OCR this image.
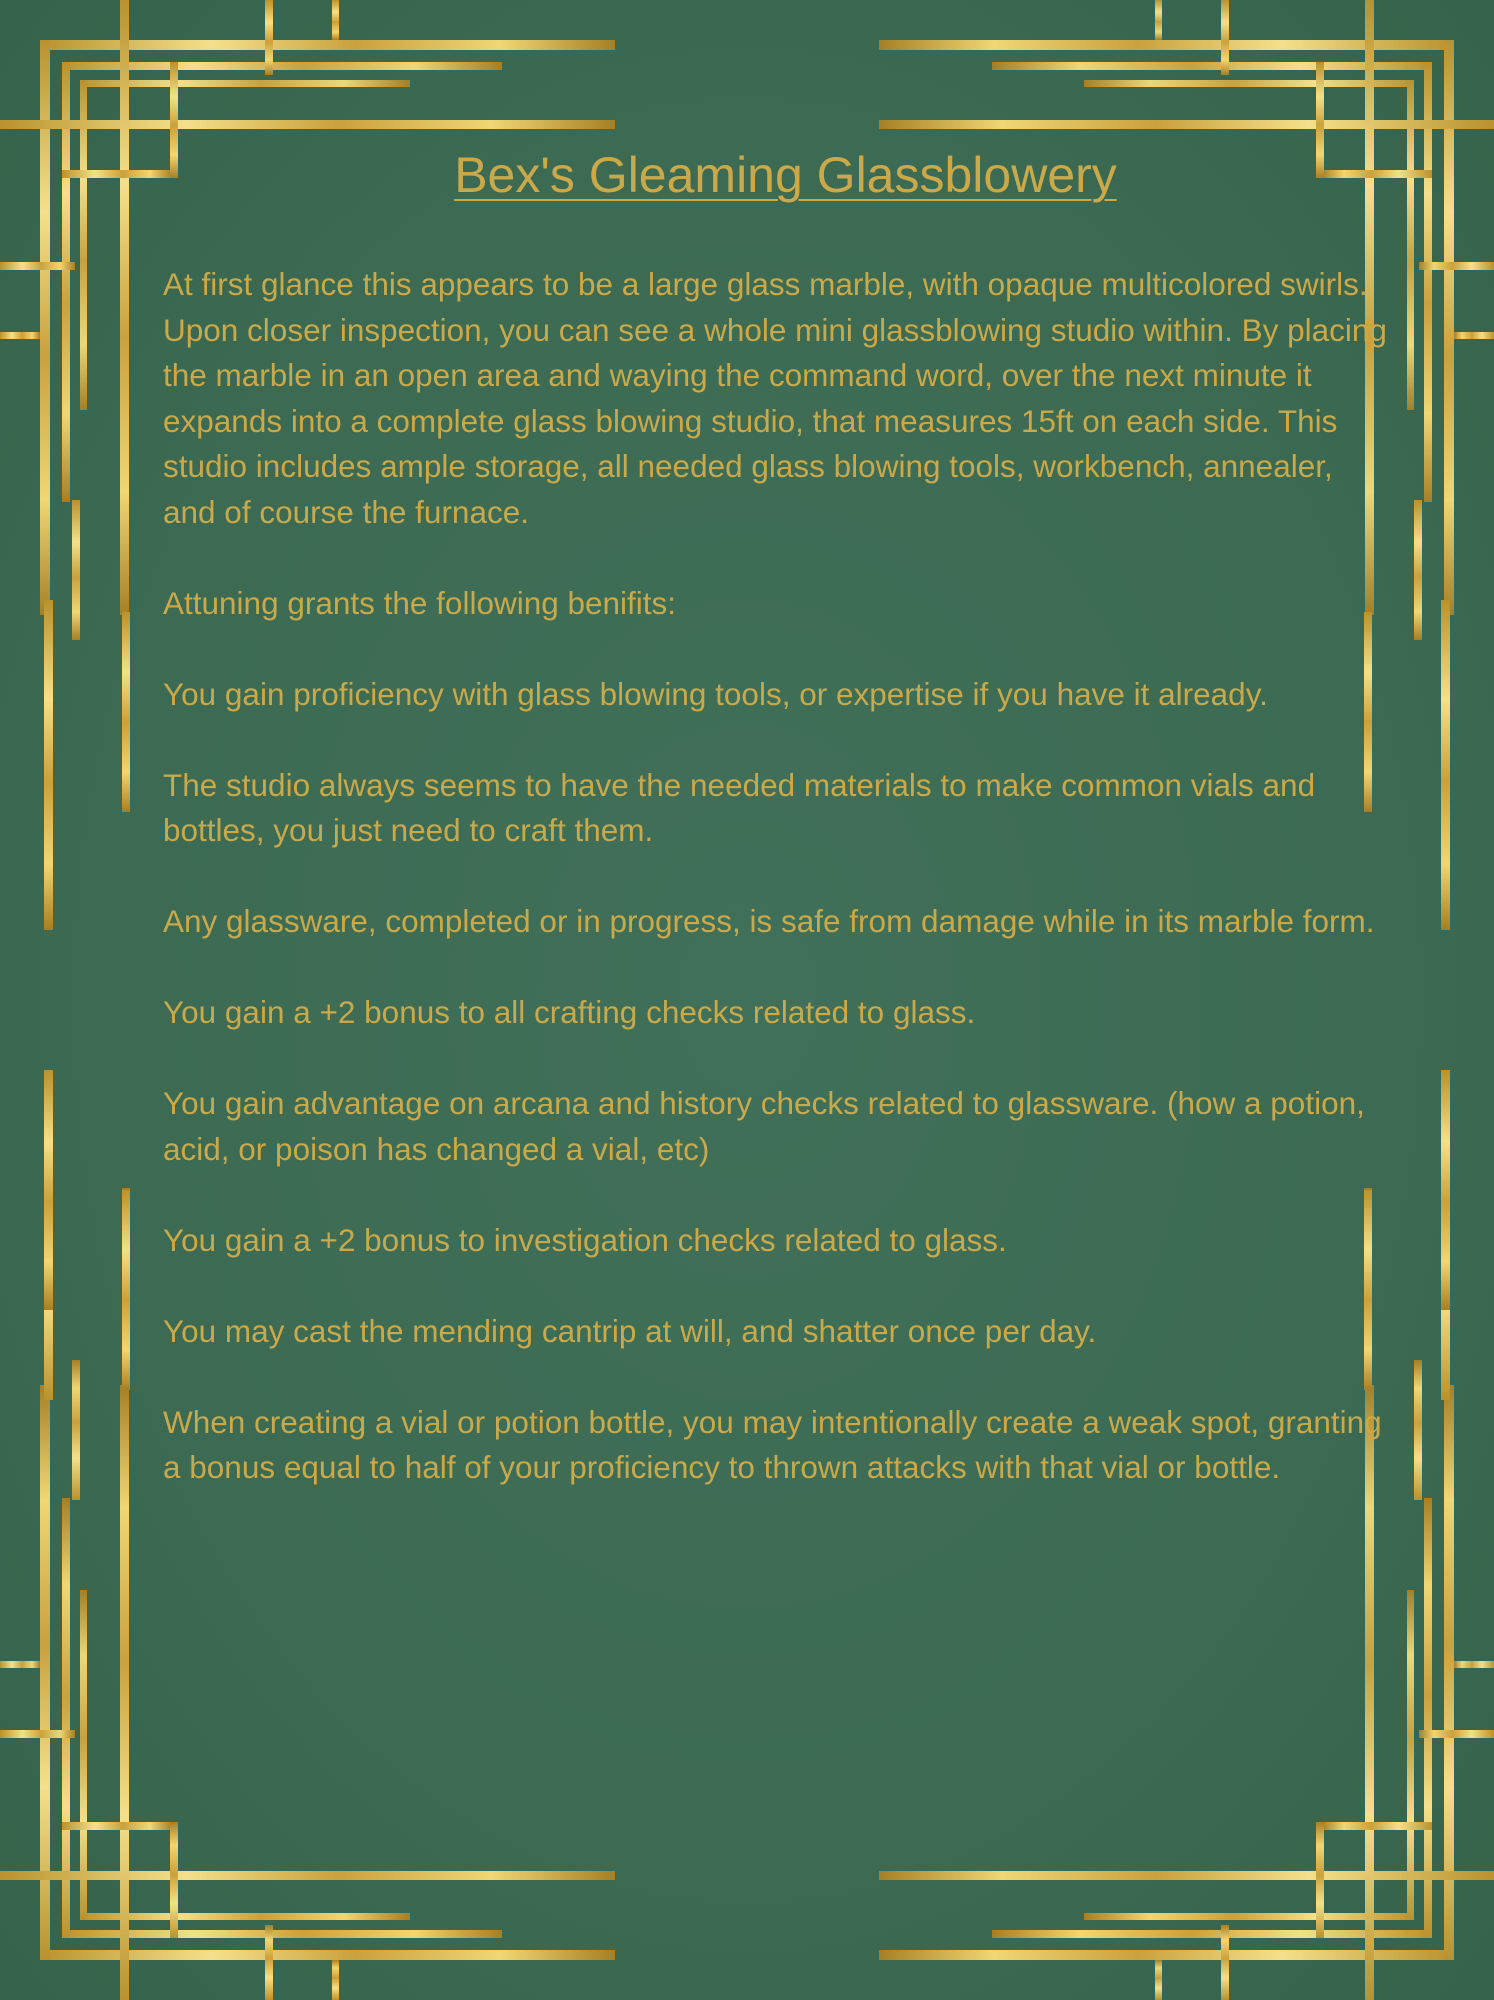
Bex's Gleaming Glassblowery

At first glance this appears to be a large glass marble, with opaque multicolored swirls. Upon closer inspection, you can see a whole mini glassblowing studio within. By placing the marble in an open area and waying the command word, over the next minute it expands into a complete glass blowing studio, that measures 15ft on each side. This studio includes ample storage, all needed glass blowing tools, workbench, annealer, and of course the furnace.

Attuning grants the following benifits:

You gain proficiency with glass blowing tools, or expertise if you have it already.

The studio always seems to have the needed materials to make common vials and bottles, you just need to craft them.

Any glassware, completed or in progress, is safe from damage while in its marble form.

You gain a +2 bonus to all crafting checks related to glass.

You gain advantage on arcana and history checks related to glassware. (how a potion, acid, or poison has changed a vial, etc)

You gain a +2 bonus to investigation checks related to glass.

You may cast the mending cantrip at will, and shatter once per day.

When creating a vial or potion bottle, you may intentionally create a weak spot, granting a bonus equal to half of your proficiency to thrown attacks with that vial or bottle.
